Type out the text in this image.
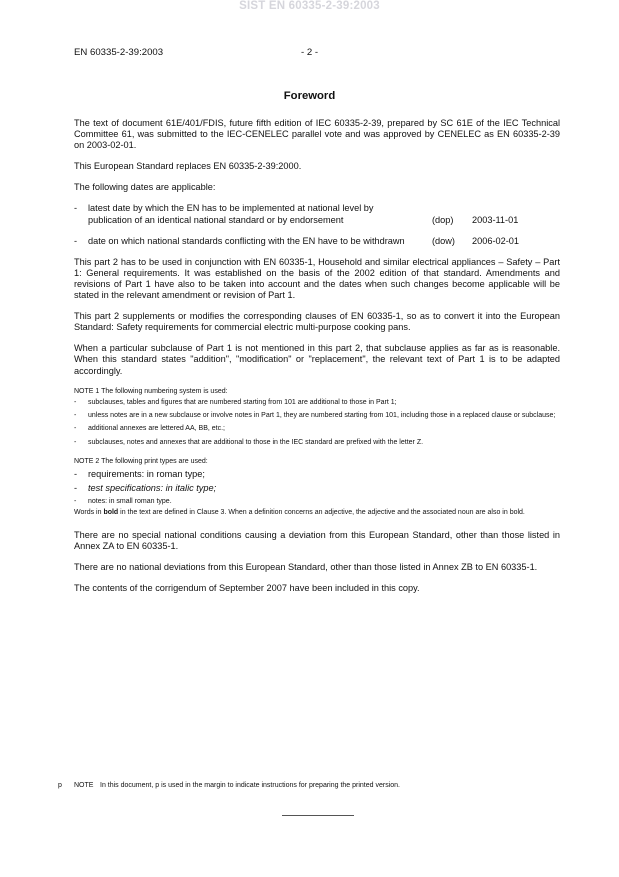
SIST EN 60335-2-39:2003
EN 60335-2-39:2003	- 2 -
Foreword

The text of document 61E/401/FDIS, future fifth edition of IEC 60335-2-39, prepared by SC 61E of the IEC Technical Committee 61, was submitted to the IEC-CENELEC parallel vote and was approved by CENELEC as EN 60335-2-39 on 2003-02-01.

This European Standard replaces EN 60335-2-39:2000.

The following dates are applicable:

- latest date by which the EN has to be implemented at national level by publication of an identical national standard or by endorsement	(dop) 2003-11-01
- date on which national standards conflicting with the EN have to be withdrawn	(dow) 2006-02-01

This part 2 has to be used in conjunction with EN 60335-1, Household and similar electrical appliances – Safety – Part 1: General requirements. It was established on the basis of the 2002 edition of that standard. Amendments and revisions of Part 1 have also to be taken into account and the dates when such changes become applicable will be stated in the relevant amendment or revision of Part 1.

This part 2 supplements or modifies the corresponding clauses of EN 60335-1, so as to convert it into the European Standard: Safety requirements for commercial electric multi-purpose cooking pans.

When a particular subclause of Part 1 is not mentioned in this part 2, that subclause applies as far as is reasonable. When this standard states "addition", "modification" or "replacement", the relevant text of Part 1 is to be adapted accordingly.

NOTE 1 The following numbering system is used:
- subclauses, tables and figures that are numbered starting from 101 are additional to those in Part 1;
- unless notes are in a new subclause or involve notes in Part 1, they are numbered starting from 101, including those in a replaced clause or subclause;
- additional annexes are lettered AA, BB, etc.;
- subclauses, notes and annexes that are additional to those in the IEC standard are prefixed with the letter Z.
NOTE 2 The following print types are used:
- requirements: in roman type;
- test specifications: in italic type;
- notes: in small roman type.

Words in bold in the text are defined in Clause 3. When a definition concerns an adjective, the adjective and the associated noun are also in bold.

There are no special national conditions causing a deviation from this European Standard, other than those listed in Annex ZA to EN 60335-1.

There are no national deviations from this European Standard, other than those listed in Annex ZB to EN 60335-1.

The contents of the corrigendum of September 2007 have been included in this copy.

p NOTE In this document, p is used in the margin to indicate instructions for preparing the printed version.
